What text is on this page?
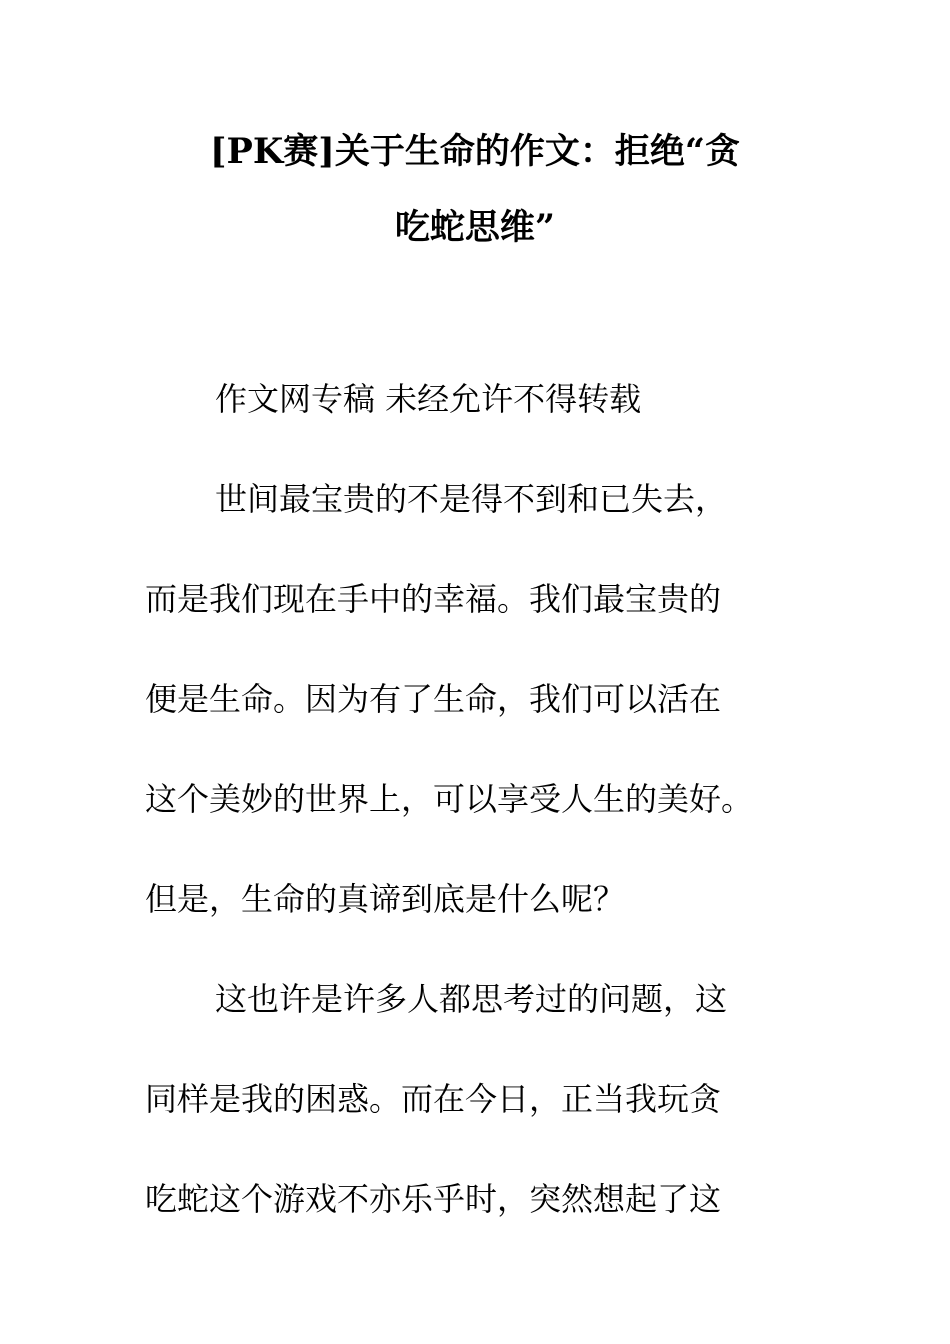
[PK赛]关于生命的作文：拒绝“贪
吃蛇思维”
作文网专稿 未经允许不得转载
世间最宝贵的不是得不到和已失去，
而是我们现在手中的幸福。我们最宝贵的
便是生命。因为有了生命，我们可以活在
这个美妙的世界上，可以享受人生的美好。
但是，生命的真谛到底是什么呢？
这也许是许多人都思考过的问题，这
同样是我的困惑。而在今日，正当我玩贪
吃蛇这个游戏不亦乐乎时，突然想起了这
